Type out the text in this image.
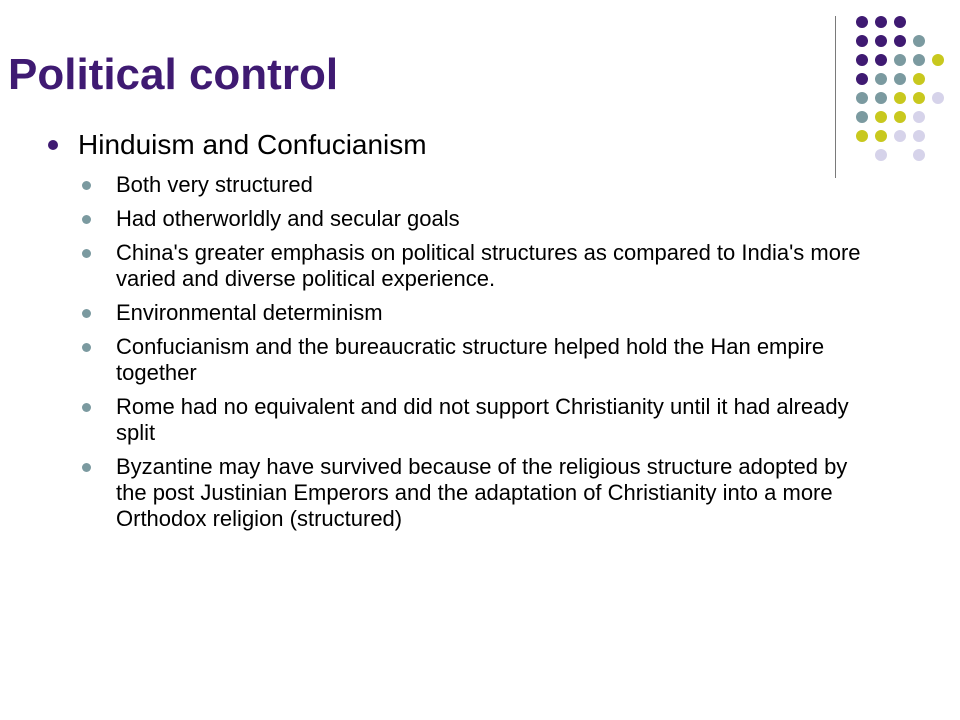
Political control
Hinduism and Confucianism
Both very structured
Had otherworldly and secular goals
China's greater emphasis on political structures as compared to India's more varied and diverse political experience.
Environmental determinism
Confucianism and the bureaucratic structure helped hold the Han empire together
Rome had no equivalent and did not support Christianity until it had already split
Byzantine may have survived because of the religious structure adopted by the post Justinian Emperors and the adaptation of Christianity into a more Orthodox religion (structured)
